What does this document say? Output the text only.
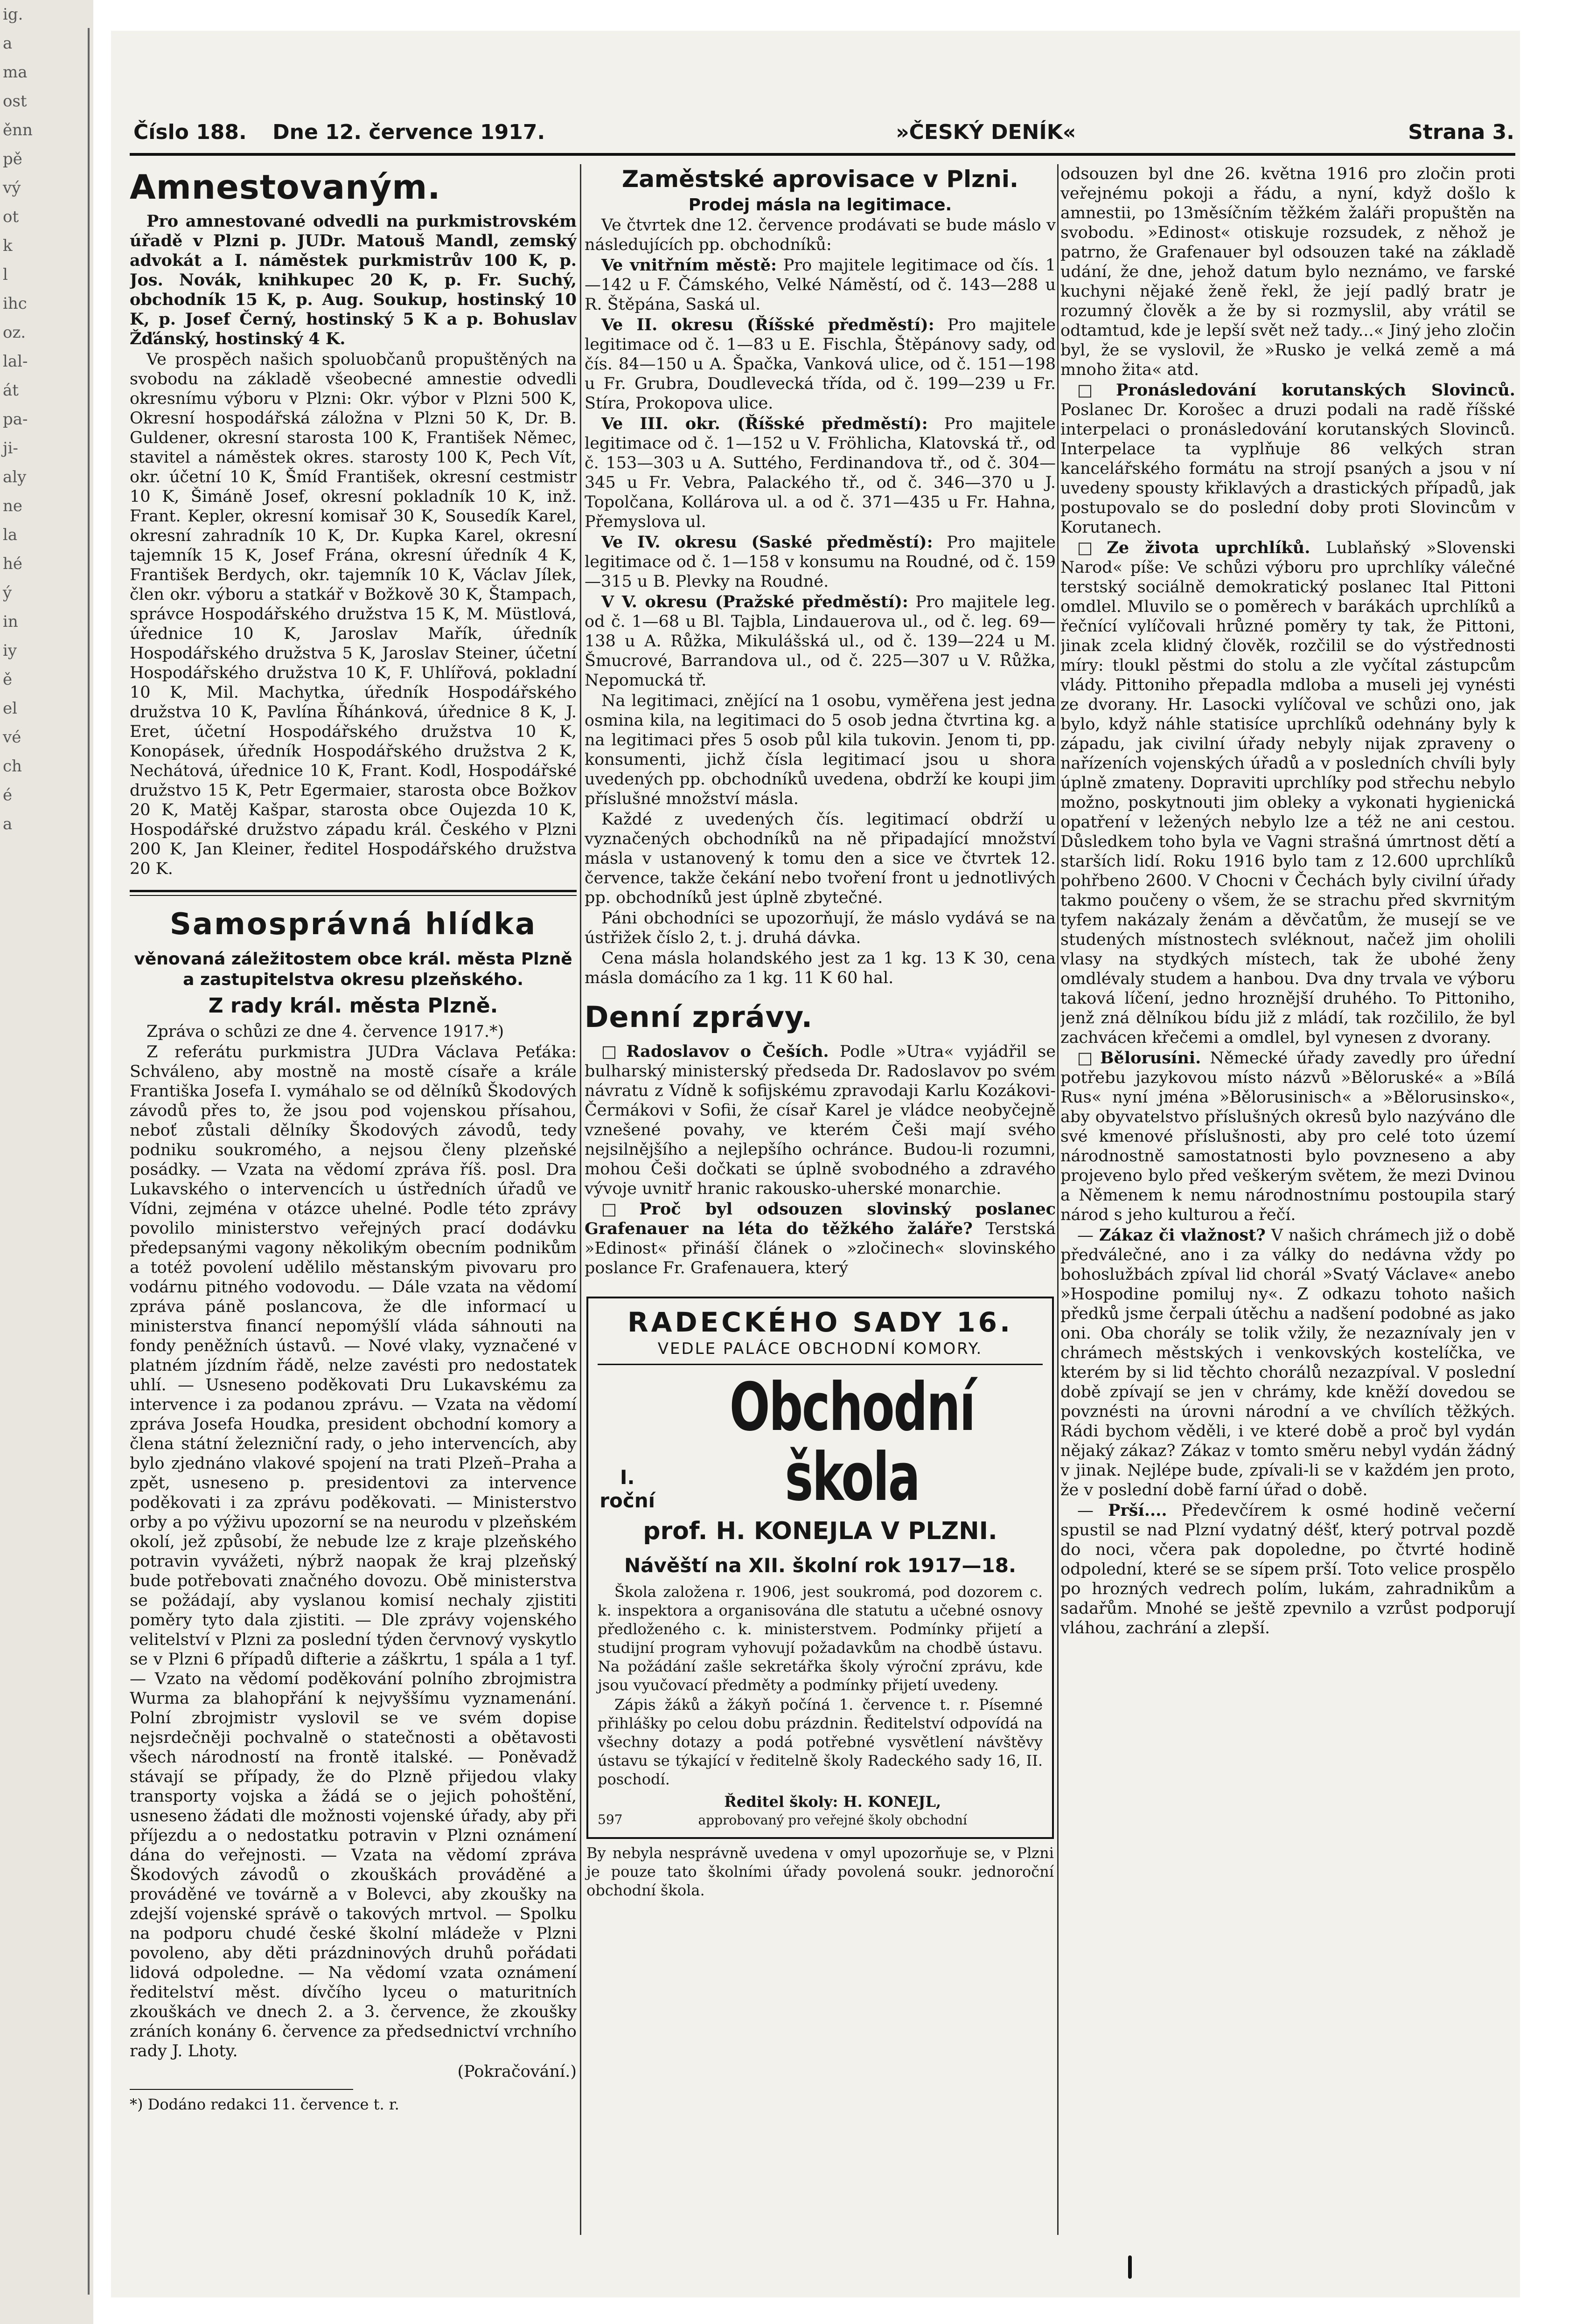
ig.
a
ma
ost
ěnn
pě
vý
ot
k
l
ihc
oz.
lal-
át
pa-
ji-
aly
ne
la
hé
ý
in
iy
ě
el
vé
ch
é
a
Číslo 188. Dne 12. července 1917.	»ČESKÝ DENÍK«	Strana 3.
Amnestovaným.

Pro amnestované odvedli na purkmistrovském úřadě v Plzni p. JUDr. Matouš Mandl, zemský advokát a I. náměstek purkmistrův 100 K, p. Jos. Novák, knihkupec 20 K, p. Fr. Suchý, obchodník 15 K, p. Aug. Soukup, hostinský 10 K, p. Josef Černý, hostinský 5 K a p. Bohuslav Žďánský, hostinský 4 K.

Ve prospěch našich spoluobčanů propuštěných na svobodu na základě všeobecné amnestie odvedli okresnímu výboru v Plzni: Okr. výbor v Plzni 500 K, Okresní hospodářská záložna v Plzni 50 K, Dr. B. Guldener, okresní starosta 100 K, František Němec, stavitel a náměstek okres. starosty 100 K, Pech Vít, okr. účetní 10 K, Šmíd František, okresní cestmistr 10 K, Šimáně Josef, okresní pokladník 10 K, inž. Frant. Kepler, okresní komisař 30 K, Sousedík Karel, okresní zahradník 10 K, Dr. Kupka Karel, okresní tajemník 15 K, Josef Frána, okresní úředník 4 K, František Berdych, okr. tajemník 10 K, Václav Jílek, člen okr. výboru a statkář v Božkově 30 K, Štampach, správce Hospodářského družstva 15 K, M. Müstlová, úřednice 10 K, Jaroslav Mařík, úředník Hospodářského družstva 5 K, Jaroslav Steiner, účetní Hospodářského družstva 10 K, F. Uhlířová, pokladní 10 K, Mil. Machytka, úředník Hospodářského družstva 10 K, Pavlína Říhánková, úřednice 8 K, J. Eret, účetní Hospodářského družstva 10 K, Konopásek, úředník Hospodářského družstva 2 K, Nechátová, úřednice 10 K, Frant. Kodl, Hospodářské družstvo 15 K, Petr Egermaier, starosta obce Božkov 20 K, Matěj Kašpar, starosta obce Oujezda 10 K, Hospodářské družstvo západu král. Českého v Plzni 200 K, Jan Kleiner, ředitel Hospodářského družstva 20 K.

Samosprávná hlídka

věnovaná záležitostem obce král. města Plzně a zastupitelstva okresu plzeňského.

Z rady král. města Plzně.

Zpráva o schůzi ze dne 4. července 1917.*)

Z referátu purkmistra JUDra Václava Peťáka: Schváleno, aby mostně na mostě císaře a krále Františka Josefa I. vymáhalo se od dělníků Škodových závodů přes to, že jsou pod vojenskou přísahou, neboť zůstali dělníky Škodových závodů, tedy podniku soukromého, a nejsou členy plzeňské posádky. — Vzata na vědomí zpráva říš. posl. Dra Lukavského o intervencích u ústředních úřadů ve Vídni, zejména v otázce uhelné. Podle této zprávy povolilo ministerstvo veřejných prací dodávku předepsanými vagony několikým obecním podnikům a totéž povolení udělilo městanským pivovaru pro vodárnu pitného vodovodu. — Dále vzata na vědomí zpráva páně poslancova, že dle informací u ministerstva financí nepomýšlí vláda sáhnouti na fondy peněžních ústavů. — Nové vlaky, vyznačené v platném jízdním řádě, nelze zavésti pro nedostatek uhlí. — Usneseno poděkovati Dru Lukavskému za intervence i za podanou zprávu. — Vzata na vědomí zpráva Josefa Houdka, president obchodní komory a člena státní železniční rady, o jeho intervencích, aby bylo zjednáno vlakové spojení na trati Plzeň–Praha a zpět, usneseno p. presidentovi za intervence poděkovati i za zprávu poděkovati. — Ministerstvo orby a po výživu upozorní se na neurodu v plzeňském okolí, jež způsobí, že nebude lze z kraje plzeňského potravin vyvážeti, nýbrž naopak že kraj plzeňský bude potřebovati značného dovozu. Obě ministerstva se požádají, aby vyslanou komisí nechaly zjistiti poměry tyto dala zjistiti. — Dle zprávy vojenského velitelství v Plzni za poslední týden červnový vyskytlo se v Plzni 6 případů difterie a záškrtu, 1 spála a 1 tyf. — Vzato na vědomí poděkování polního zbrojmistra Wurma za blahopřání k nejvyššímu vyznamenání. Polní zbrojmistr vyslovil se ve svém dopise nejsrdečněji pochvalně o statečnosti a obětavosti všech národností na frontě italské. — Poněvadž stávají se případy, že do Plzně přijedou vlaky transporty vojska a žádá se o jejich pohoštění, usneseno žádati dle možnosti vojenské úřady, aby při příjezdu a o nedostatku potravin v Plzni oznámení dána do veřejnosti. — Vzata na vědomí zpráva Škodových závodů o zkouškách prováděné a prováděné ve továrně a v Bolevci, aby zkoušky na zdejší vojenské správě o takových mrtvol. — Spolku na podporu chudé české školní mládeže v Plzni povoleno, aby děti prázdninových druhů pořádati lidová odpoledne. — Na vědomí vzata oznámení ředitelství měst. dívčího lyceu o maturitních zkouškách ve dnech 2. a 3. července, že zkoušky zráních konány 6. července za předsednictví vrchního rady J. Lhoty.

(Pokračování.)

*) Dodáno redakci 11. července t. r.

Zaměstské aprovisace v Plzni.

Prodej másla na legitimace.

Ve čtvrtek dne 12. července prodávati se bude máslo v následujících pp. obchodníků:

Ve vnitřním městě: Pro majitele legitimace od čís. 1—142 u F. Čámského, Velké Náměstí, od č. 143—288 u R. Štěpána, Saská ul.

Ve II. okresu (Říšské předměstí): Pro majitele legitimace od č. 1—83 u E. Fischla, Štěpánovy sady, od čís. 84—150 u A. Špačka, Vanková ulice, od č. 151—198 u Fr. Grubra, Doudlevecká třída, od č. 199—239 u Fr. Stíra, Prokopova ulice.

Ve III. okr. (Říšské předměstí): Pro majitele legitimace od č. 1—152 u V. Fröhlicha, Klatovská tř., od č. 153—303 u A. Suttého, Ferdinandova tř., od č. 304—345 u Fr. Vebra, Palackého tř., od č. 346—370 u J. Topolčana, Kollárova ul. a od č. 371—435 u Fr. Hahna, Přemyslova ul.

Ve IV. okresu (Saské předměstí): Pro majitele legitimace od č. 1—158 v konsumu na Roudné, od č. 159—315 u B. Plevky na Roudné.

V V. okresu (Pražské předměstí): Pro majitele leg. od č. 1—68 u Bl. Tajbla, Lindauerova ul., od č. leg. 69—138 u A. Růžka, Mikulášská ul., od č. 139—224 u M. Šmucrové, Barrandova ul., od č. 225—307 u V. Růžka, Nepomucká tř.

Na legitimaci, znějící na 1 osobu, vyměřena jest jedna osmina kila, na legitimaci do 5 osob jedna čtvrtina kg. a na legitimaci přes 5 osob půl kila tukovin. Jenom ti, pp. konsumenti, jichž čísla legitimací jsou u shora uvedených pp. obchodníků uvedena, obdrží ke koupi jim příslušné množství másla.

Každé z uvedených čís. legitimací obdrží u vyznačených obchodníků na ně připadající množství másla v ustanovený k tomu den a sice ve čtvrtek 12. července, takže čekání nebo tvoření front u jednotlivých pp. obchodníků jest úplně zbytečné.

Páni obchodníci se upozorňují, že máslo vydává se na ústřižek číslo 2, t. j. druhá dávka.

Cena másla holandského jest za 1 kg. 13 K 30, cena másla domácího za 1 kg. 11 K 60 hal.

Denní zprávy.

□ Radoslavov o Češích. Podle »Utra« vyjádřil se bulharský ministerský předseda Dr. Radoslavov po svém návratu z Vídně k sofijskému zpravodaji Karlu Kozákovi-Čermákovi v Sofii, že císař Karel je vládce neobyčejně vznešené povahy, ve kterém Češi mají svého nejsilnějšího a nejlepšího ochránce. Budou-li rozumni, mohou Češi dočkati se úplně svobodného a zdravého vývoje uvnitř hranic rakousko-uherské monarchie.

□ Proč byl odsouzen slovinský poslanec Grafenauer na léta do těžkého žaláře? Terstská »Edinost« přináší článek o »zločinech« slovinského poslance Fr. Grafenauera, který

RADECKÉHO SADY 16.
VEDLE PALÁCE OBCHODNÍ KOMORY.
I. roční
Obchodní škola
prof. H. KONEJLA V PLZNI.
Návěští na XII. školní rok 1917—18.

Škola založena r. 1906, jest soukromá, pod dozorem c. k. inspektora a organisována dle statutu a učebné osnovy předloženého c. k. ministerstvem. Podmínky přijetí a studijní program vyhovují požadavkům na chodbě ústavu. Na požádání zašle sekretářka školy výroční zprávu, kde jsou vyučovací předměty a podmínky přijetí uvedeny.

Zápis žáků a žákyň počíná 1. července t. r. Písemné přihlášky po celou dobu prázdnin. Ředitelství odpovídá na všechny dotazy a podá potřebné vysvětlení návštěvy ústavu se týkající v ředitelně školy Radeckého sady 16, II. poschodí.

597
Ředitel školy: H. KONEJL,
approbovaný pro veřejné školy obchodní

By nebyla nesprávně uvedena v omyl upozorňuje se, v Plzni je pouze tato školními úřady povolená soukr. jednoroční obchodní škola.

odsouzen byl dne 26. května 1916 pro zločin proti veřejnému pokoji a řádu, a nyní, když došlo k amnestii, po 13měsíčním těžkém žaláři propuštěn na svobodu. »Edinost« otiskuje rozsudek, z něhož je patrno, že Grafenauer byl odsouzen také na základě udání, že dne, jehož datum bylo neznámo, ve farské kuchyni nějaké ženě řekl, že její padlý bratr je rozumný člověk a že by si rozmyslil, aby vrátil se odtamtud, kde je lepší svět než tady...« Jiný jeho zločin byl, že se vyslovil, že »Rusko je velká země a má mnoho žita« atd.

□ Pronásledování korutanských Slovinců. Poslanec Dr. Korošec a druzi podali na radě říšské interpelaci o pronásledování korutanských Slovinců. Interpelace ta vyplňuje 86 velkých stran kancelářského formátu na strojí psaných a jsou v ní uvedeny spousty křiklavých a drastických případů, jak postupovalo se do poslední doby proti Slovincům v Korutanech.

□ Ze života uprchlíků. Lublaňský »Slovenski Narod« píše: Ve schůzi výboru pro uprchlíky válečné terstský sociálně demokratický poslanec Ital Pittoni omdlel. Mluvilo se o poměrech v barákách uprchlíků a řečnící vylíčovali hrůzné poměry ty tak, že Pittoni, jinak zcela klidný člověk, rozčilil se do výstřednosti míry: tloukl pěstmi do stolu a zle vyčítal zástupcům vlády. Pittoniho přepadla mdloba a museli jej vynésti ze dvorany. Hr. Lasocki vylíčoval ve schůzi ono, jak bylo, když náhle statisíce uprchlíků odehnány byly k západu, jak civilní úřady nebyly nijak zpraveny o nařízeních vojenských úřadů a v posledních chvíli byly úplně zmateny. Dopraviti uprchlíky pod střechu nebylo možno, poskytnouti jim obleky a vykonati hygienická opatření v ležených nebylo lze a též ne ani cestou. Důsledkem toho byla ve Vagni strašná úmrtnost dětí a starších lidí. Roku 1916 bylo tam z 12.600 uprchlíků pohřbeno 2600. V Chocni v Čechách byly civilní úřady takmo poučeny o všem, že se strachu před skvrnitým tyfem nakázaly ženám a děvčatům, že musejí se ve studených místnostech svléknout, načež jim oholili vlasy na stydkých místech, tak že ubohé ženy omdlévaly studem a hanbou. Dva dny trvala ve výboru taková líčení, jedno hroznější druhého. To Pittoniho, jenž zná dělníkou bídu již z mládí, tak rozčililo, že byl zachvácen křečemi a omdlel, byl vynesen z dvorany.

□ Bělorusíni. Německé úřady zavedly pro úřední potřebu jazykovou místo názvů »Běloruské« a »Bílá Rus« nyní jména »Bělorusinisch« a »Bělorusinsko«, aby obyvatelstvo příslušných okresů bylo nazýváno dle své kmenové příslušnosti, aby pro celé toto území národnostně samostatnosti bylo povzneseno a aby projeveno bylo před veškerým světem, že mezi Dvinou a Němenem k nemu národnostnímu postoupila starý národ s jeho kulturou a řečí.

— Zákaz či vlažnost? V našich chrámech již o době předválečné, ano i za války do nedávna vždy po bohoslužbách zpíval lid chorál »Svatý Václave« anebo »Hospodine pomiluj ny«. Z odkazu tohoto našich předků jsme čerpali útěchu a nadšení podobné as jako oni. Oba chorály se tolik vžily, že nezaznívaly jen v chrámech městských i venkovských kostelíčka, ve kterém by si lid těchto chorálů nezazpíval. V poslední době zpívají se jen v chrámy, kde kněží dovedou se povznésti na úrovni národní a ve chvílích těžkých. Rádi bychom věděli, i ve které době a proč byl vydán nějaký zákaz? Zákaz v tomto směru nebyl vydán žádný v jinak. Nejlépe bude, zpívali-li se v každém jen proto, že v poslední době farní úřad o době.

— Prší.... Předevčírem k osmé hodině večerní spustil se nad Plzní vydatný déšť, který potrval pozdě do noci, včera pak dopoledne, po čtvrté hodině odpolední, které se se sípem prší. Toto velice prospělo po hrozných vedrech polím, lukám, zahradnikům a sadařům. Mnohé se ještě zpevnilo a vzrůst podporují vláhou, zachrání a zlepší.
